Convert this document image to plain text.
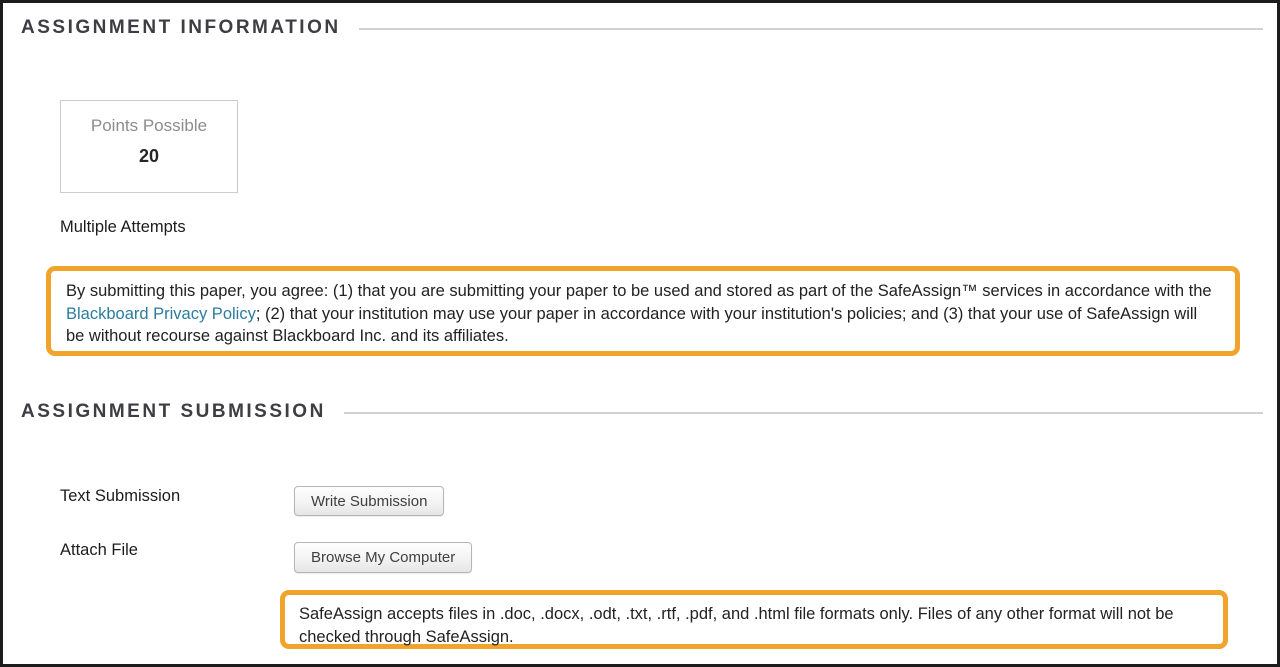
ASSIGNMENT INFORMATION
Points Possible
20
Multiple Attempts
By submitting this paper, you agree: (1) that you are submitting your paper to be used and stored as part of the SafeAssign™ services in accordance with the Blackboard Privacy Policy; (2) that your institution may use your paper in accordance with your institution's policies; and (3) that your use of SafeAssign will be without recourse against Blackboard Inc. and its affiliates.
ASSIGNMENT SUBMISSION
Text Submission	Write Submission
Attach File	Browse My Computer
SafeAssign accepts files in .doc, .docx, .odt, .txt, .rtf, .pdf, and .html file formats only. Files of any other format will not be checked through SafeAssign.
